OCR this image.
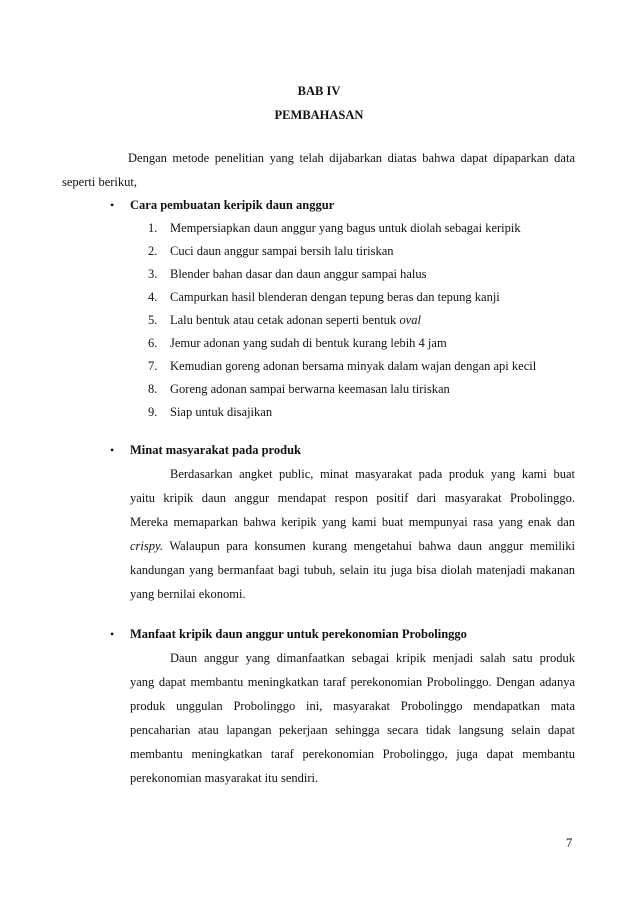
BAB IV
PEMBAHASAN
Dengan metode penelitian yang telah dijabarkan diatas bahwa dapat dipaparkan data
seperti berikut,
• Cara pembuatan keripik daun anggur
1. Mempersiapkan daun anggur yang bagus untuk diolah sebagai keripik
2. Cuci daun anggur sampai bersih lalu tiriskan
3. Blender bahan dasar dan daun anggur sampai halus
4. Campurkan hasil blenderan dengan tepung beras dan tepung kanji
5. Lalu bentuk atau cetak adonan seperti bentuk oval
6. Jemur adonan yang sudah di bentuk kurang lebih 4 jam
7. Kemudian goreng adonan bersama minyak dalam wajan dengan api kecil
8. Goreng adonan sampai berwarna keemasan lalu tiriskan
9. Siap untuk disajikan
• Minat masyarakat pada produk
Berdasarkan angket public, minat masyarakat pada produk yang kami buat
yaitu kripik daun anggur mendapat respon positif dari masyarakat Probolinggo.
Mereka memaparkan bahwa keripik yang kami buat mempunyai rasa yang enak dan
crispy. Walaupun para konsumen kurang mengetahui bahwa daun anggur memiliki
kandungan yang bermanfaat bagi tubuh, selain itu juga bisa diolah matenjadi makanan
yang bernilai ekonomi.
• Manfaat kripik daun anggur untuk perekonomian Probolinggo
Daun anggur yang dimanfaatkan sebagai kripik menjadi salah satu produk
yang dapat membantu meningkatkan taraf perekonomian Probolinggo. Dengan adanya
produk unggulan Probolinggo ini, masyarakat Probolinggo mendapatkan mata
pencaharian atau lapangan pekerjaan sehingga secara tidak langsung selain dapat
membantu meningkatkan taraf perekonomian Probolinggo, juga dapat membantu
perekonomian masyarakat itu sendiri.
7
